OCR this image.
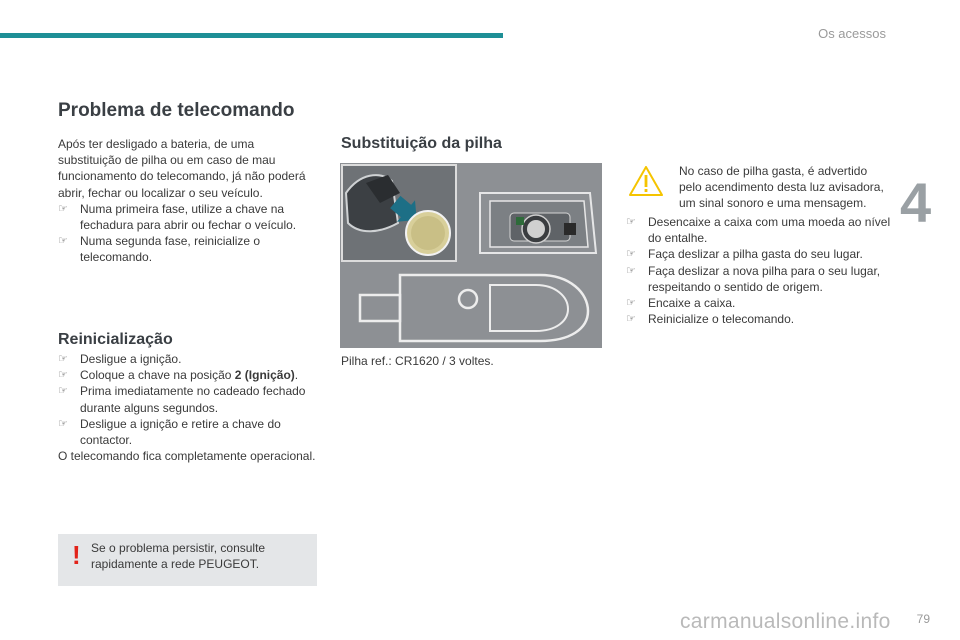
Os acessos
4
Problema de telecomando

Após ter desligado a bateria, de uma substituição de pilha ou em caso de mau funcionamento do telecomando, já não poderá abrir, fechar ou localizar o seu veículo.

☞ Numa primeira fase, utilize a chave na fechadura para abrir ou fechar o veículo.
☞ Numa segunda fase, reinicialize o telecomando.
Reinicialização
☞ Desligue a ignição.
☞ Coloque a chave na posição 2 (Ignição).
☞ Prima imediatamente no cadeado fechado durante alguns segundos.
☞ Desligue a ignição e retire a chave do contactor.

O telecomando fica completamente operacional.

! Se o problema persistir, consulte rapidamente a rede PEUGEOT.
Substituição da pilha
Pilha ref.: CR1620 / 3 voltes.
No caso de pilha gasta, é advertido pelo acendimento desta luz avisadora, um sinal sonoro e uma mensagem.
☞ Desencaixe a caixa com uma moeda ao nível do entalhe.
☞ Faça deslizar a pilha gasta do seu lugar.
☞ Faça deslizar a nova pilha para o seu lugar, respeitando o sentido de origem.
☞ Encaixe a caixa.
☞ Reinicialize o telecomando.
carmanualsonline.info 79
